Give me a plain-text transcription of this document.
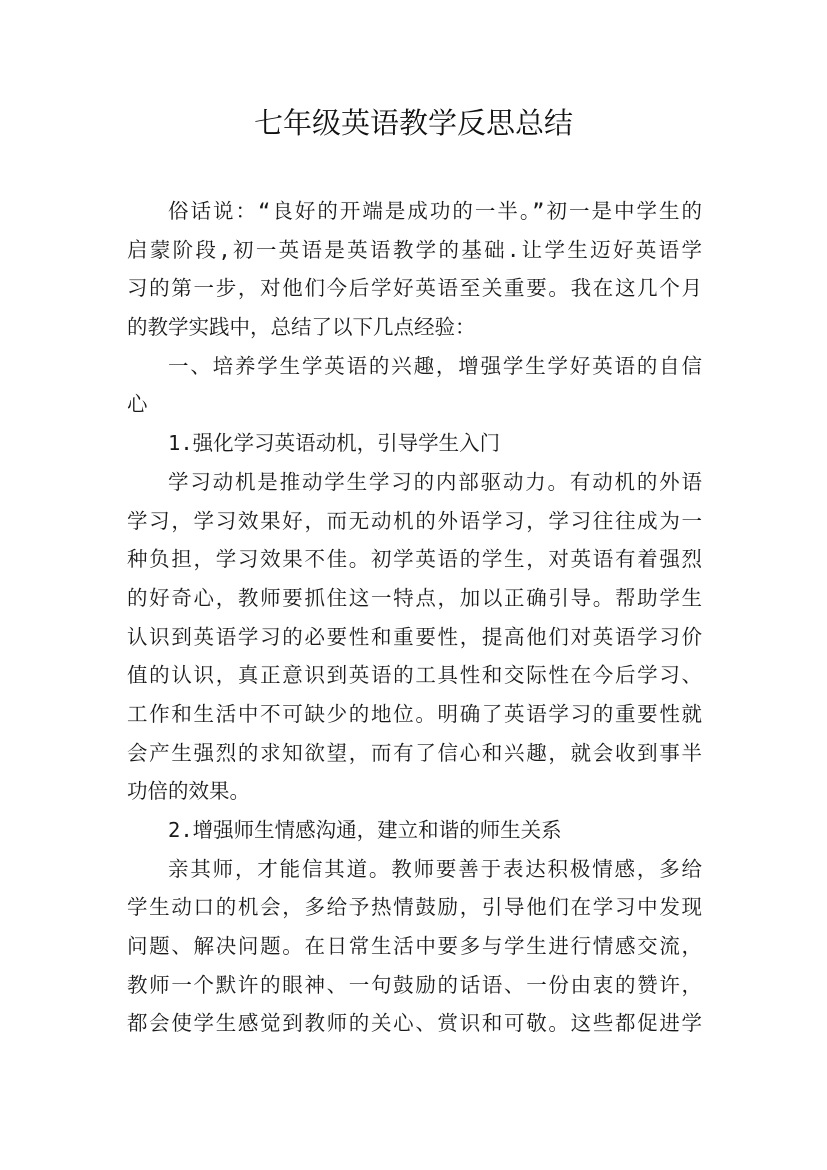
七年级英语教学反思总结
俗话说：“良好的开端是成功的一半。”初一是中学生的
启蒙阶段,初一英语是英语教学的基础.让学生迈好英语学
习的第一步，对他们今后学好英语至关重要。我在这几个月
的教学实践中，总结了以下几点经验：
一、培养学生学英语的兴趣，增强学生学好英语的自信
心
1.强化学习英语动机，引导学生入门
学习动机是推动学生学习的内部驱动力。有动机的外语
学习，学习效果好，而无动机的外语学习，学习往往成为一
种负担，学习效果不佳。初学英语的学生，对英语有着强烈
的好奇心，教师要抓住这一特点，加以正确引导。帮助学生
认识到英语学习的必要性和重要性，提高他们对英语学习价
值的认识，真正意识到英语的工具性和交际性在今后学习、
工作和生活中不可缺少的地位。明确了英语学习的重要性就
会产生强烈的求知欲望，而有了信心和兴趣，就会收到事半
功倍的效果。
2.增强师生情感沟通，建立和谐的师生关系
亲其师，才能信其道。教师要善于表达积极情感，多给
学生动口的机会，多给予热情鼓励，引导他们在学习中发现
问题、解决问题。在日常生活中要多与学生进行情感交流，
教师一个默许的眼神、一句鼓励的话语、一份由衷的赞许，
都会使学生感觉到教师的关心、赏识和可敬。这些都促进学
